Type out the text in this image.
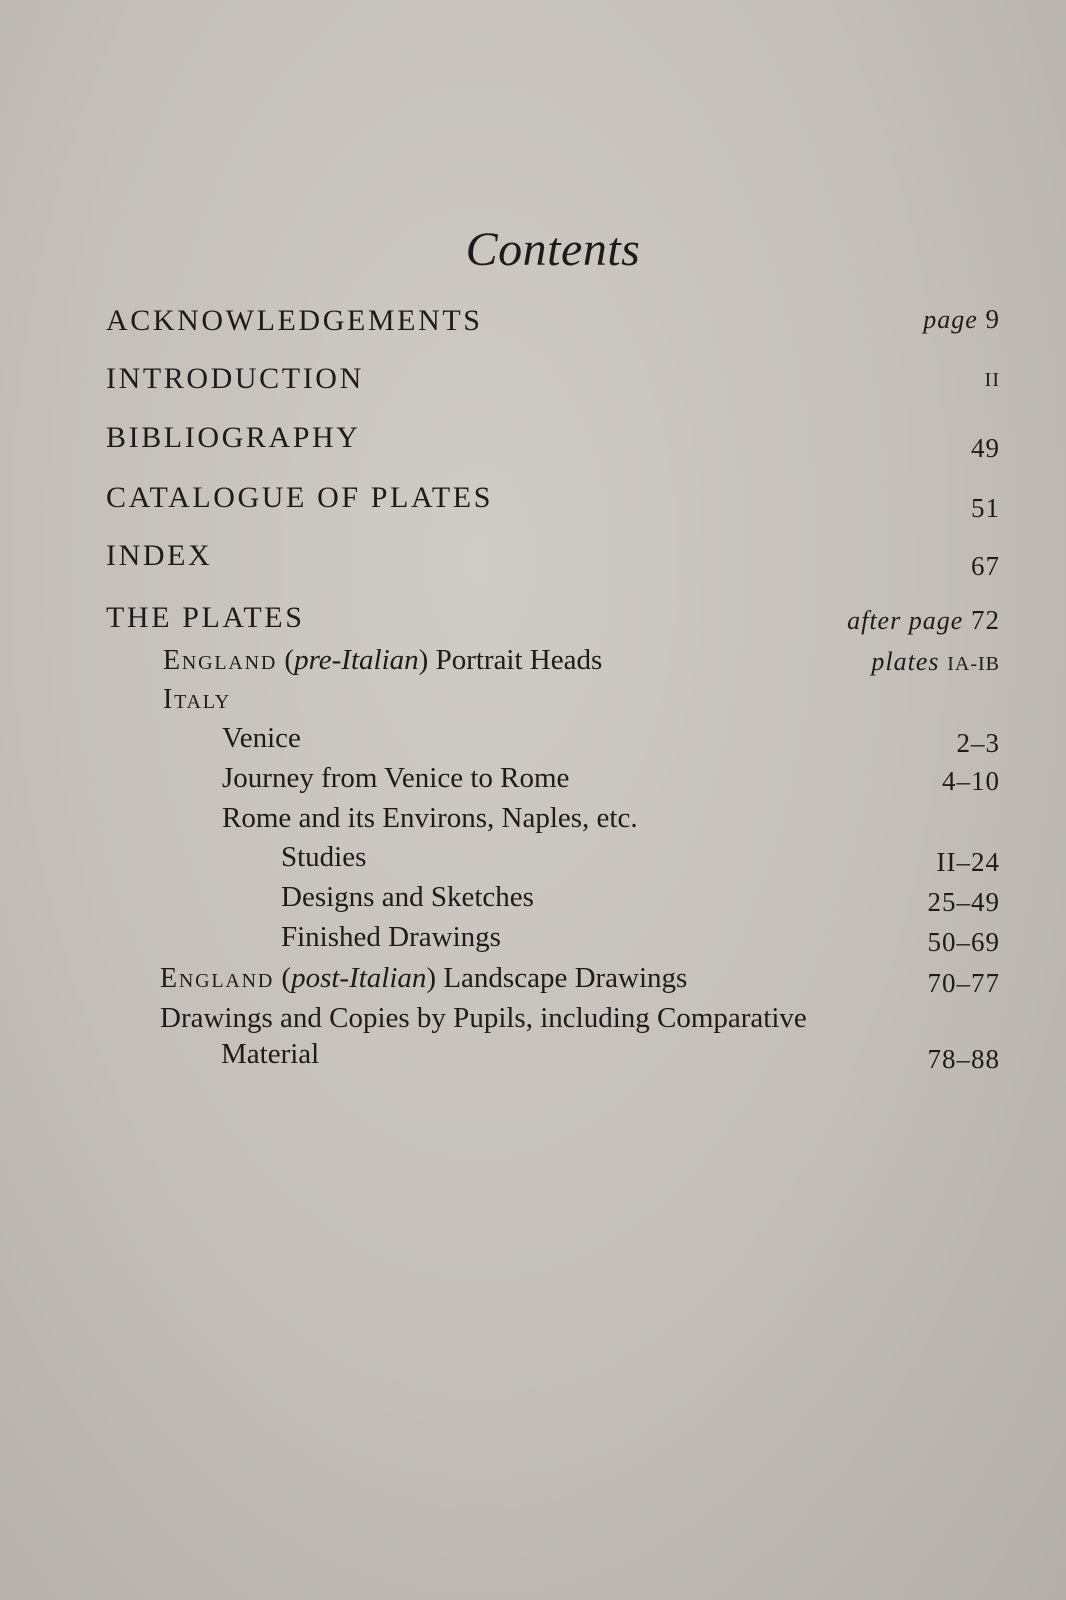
Contents
ACKNOWLEDGEMENTS	page 9
INTRODUCTION	II
BIBLIOGRAPHY	49
CATALOGUE OF PLATES	51
INDEX	67
THE PLATES	after page 72
England (pre-Italian) Portrait Heads	plates IA-IB
Italy
Venice	2–3
Journey from Venice to Rome	4–10
Rome and its Environs, Naples, etc.
Studies	II–24
Designs and Sketches	25–49
Finished Drawings	50–69
England (post-Italian) Landscape Drawings	70–77
Drawings and Copies by Pupils, including Comparative
Material	78–88
